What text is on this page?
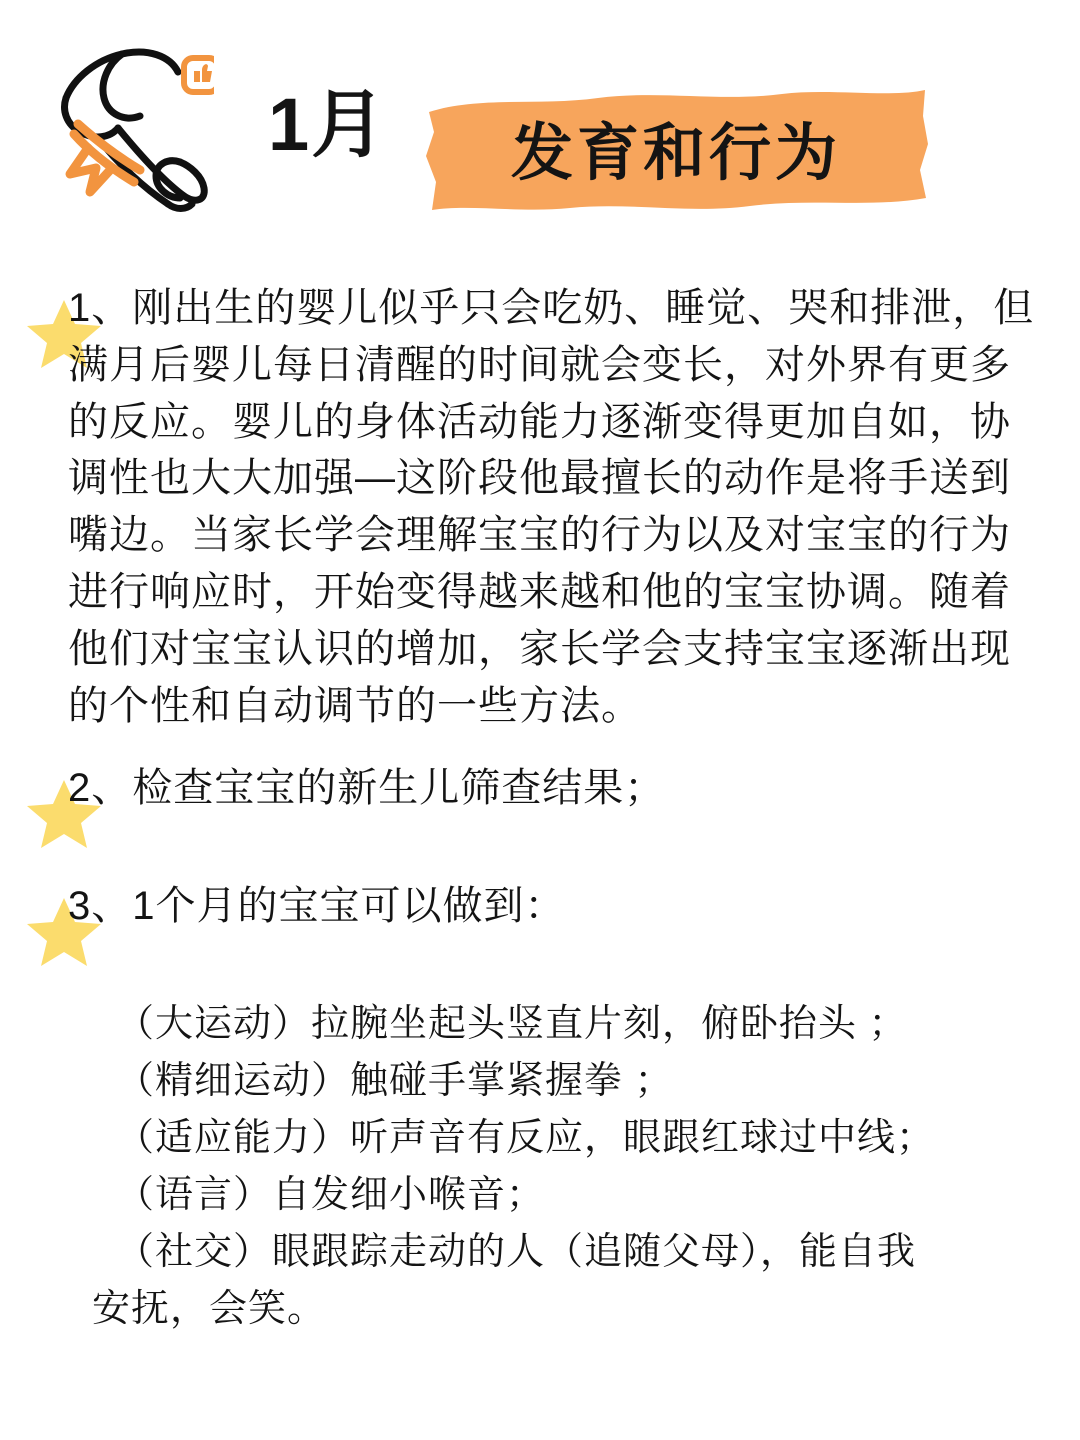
1月	发育和行为
1、刚出生的婴儿似乎只会吃奶、睡觉、哭和排泄，但满月后婴儿每日清醒的时间就会变长，对外界有更多的反应。婴儿的身体活动能力逐渐变得更加自如，协调性也大大加强—这阶段他最擅长的动作是将手送到嘴边。当家长学会理解宝宝的行为以及对宝宝的行为进行响应时，开始变得越来越和他的宝宝协调。随着他们对宝宝认识的增加，家长学会支持宝宝逐渐出现的个性和自动调节的一些方法。
2、检查宝宝的新生儿筛查结果；
3、1个月的宝宝可以做到：
（大运动）拉腕坐起头竖直片刻，俯卧抬头 ；
（精细运动）触碰手掌紧握拳 ；
（适应能力）听声音有反应，眼跟红球过中线；
（语言）自发细小喉音；
（社交）眼跟踪走动的人（追随父母），能自我
安抚，会笑。
